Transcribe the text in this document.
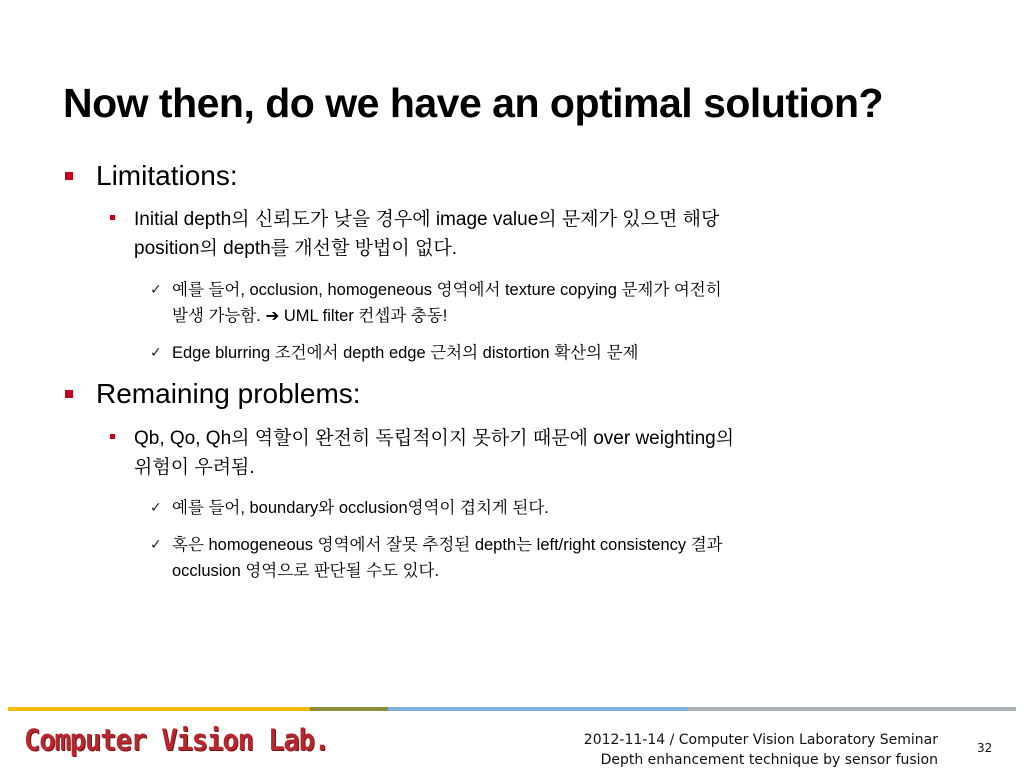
Now then, do we have an optimal solution?
Limitations:
Initial depth의 신뢰도가 낮을 경우에 image value의 문제가 있으면 해당
position의 depth를 개선할 방법이 없다.
✓ 예를 들어, occlusion, homogeneous 영역에서 texture copying 문제가 여전히
발생 가능함. ➔ UML filter 컨셉과 충동!
✓ Edge blurring 조건에서 depth edge 근처의 distortion 확산의 문제
Remaining problems:
Qb, Qo, Qh의 역할이 완전히 독립적이지 못하기 때문에 over weighting의
위험이 우려됨.
✓ 예를 들어, boundary와 occlusion영역이 겹치게 된다.
✓ 혹은 homogeneous 영역에서 잘못 추정된 depth는 left/right consistency 결과
occlusion 영역으로 판단될 수도 있다.
Computer Vision Lab.	2012-11-14 / Computer Vision Laboratory Seminar
Depth enhancement technique by sensor fusion
32
